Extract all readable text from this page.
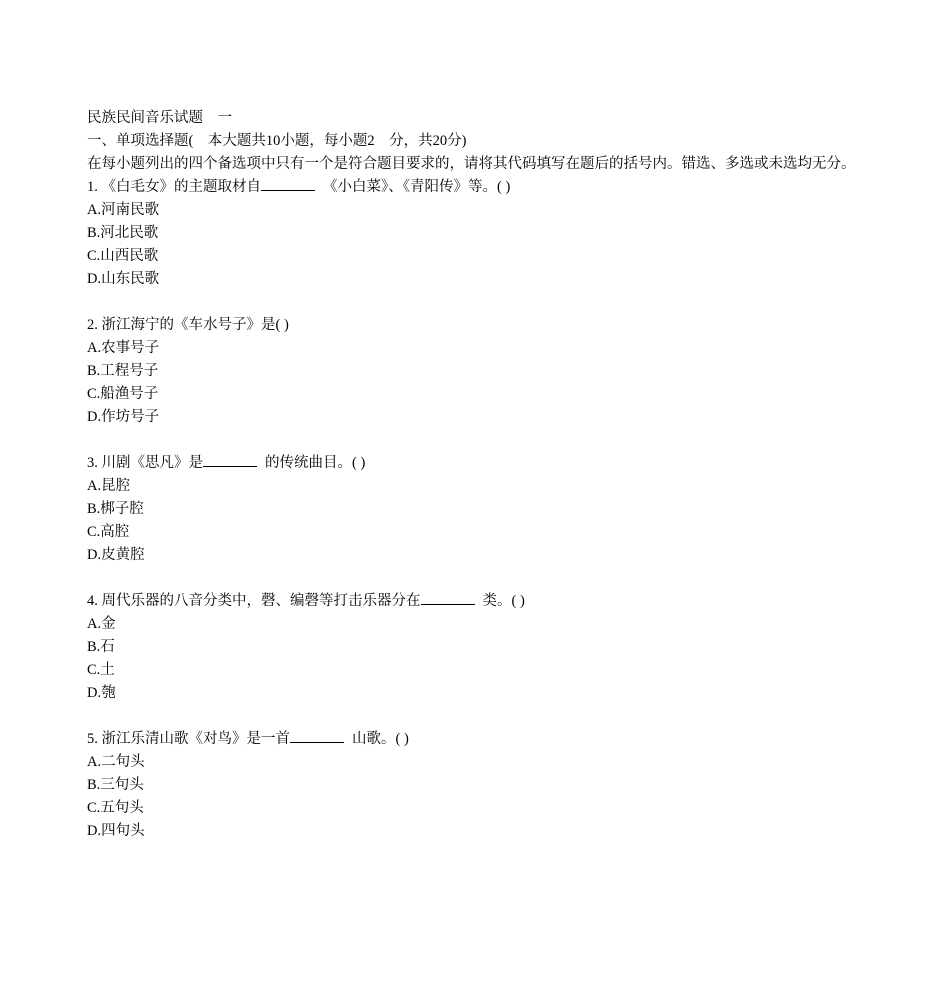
民族民间音乐试题　一
一、单项选择题(　本大题共10小题，每小题2　分，共20分)
在每小题列出的四个备选项中只有一个是符合题目要求的，请将其代码填写在题后的括号内。错选、多选或未选均无分。
1. 《白毛女》的主题取材自	《小白菜》、《青阳传》等。( )
A.河南民歌
B.河北民歌
C.山西民歌
D.山东民歌
2. 浙江海宁的《车水号子》是( )
A.农事号子
B.工程号子
C.船渔号子
D.作坊号子
3. 川剧《思凡》是	的传统曲目。( )
A.昆腔
B.梆子腔
C.高腔
D.皮黄腔
4. 周代乐器的八音分类中，磬、编磬等打击乐器分在	类。( )
A.金
B.石
C.土
D.匏
5. 浙江乐清山歌《对鸟》是一首	山歌。( )
A.二句头
B.三句头
C.五句头
D.四句头
